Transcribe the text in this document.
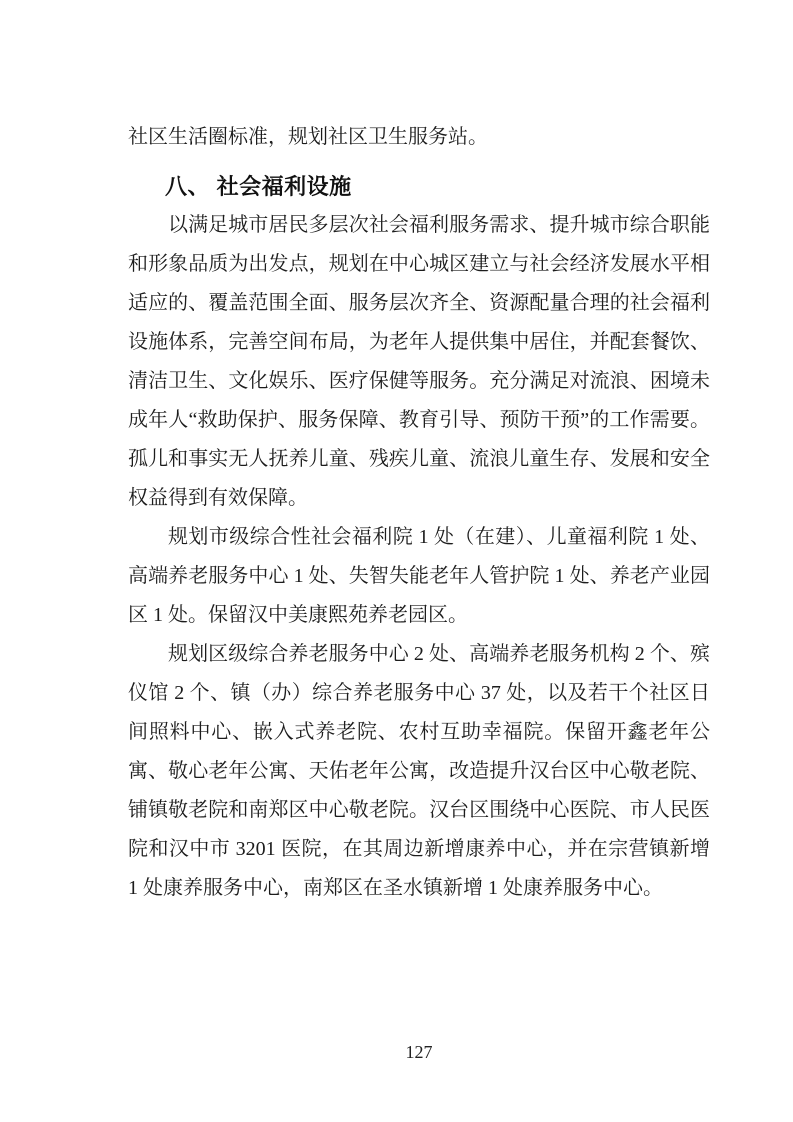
社区生活圈标准，规划社区卫生服务站。

八、 社会福利设施

以满足城市居民多层次社会福利服务需求、提升城市综合职能和形象品质为出发点，规划在中心城区建立与社会经济发展水平相适应的、覆盖范围全面、服务层次齐全、资源配量合理的社会福利设施体系，完善空间布局，为老年人提供集中居住，并配套餐饮、清洁卫生、文化娱乐、医疗保健等服务。充分满足对流浪、困境未成年人“救助保护、服务保障、教育引导、预防干预”的工作需要。孤儿和事实无人抚养儿童、残疾儿童、流浪儿童生存、发展和安全权益得到有效保障。

规划市级综合性社会福利院 1 处（在建）、儿童福利院 1 处、高端养老服务中心 1 处、失智失能老年人管护院 1 处、养老产业园区 1 处。保留汉中美康熙苑养老园区。

规划区级综合养老服务中心 2 处、高端养老服务机构 2 个、殡仪馆 2 个、镇（办）综合养老服务中心 37 处，以及若干个社区日间照料中心、嵌入式养老院、农村互助幸福院。保留开鑫老年公寓、敬心老年公寓、天佑老年公寓，改造提升汉台区中心敬老院、铺镇敬老院和南郑区中心敬老院。汉台区围绕中心医院、市人民医院和汉中市 3201 医院，在其周边新增康养中心，并在宗营镇新增 1 处康养服务中心，南郑区在圣水镇新增 1 处康养服务中心。

127
